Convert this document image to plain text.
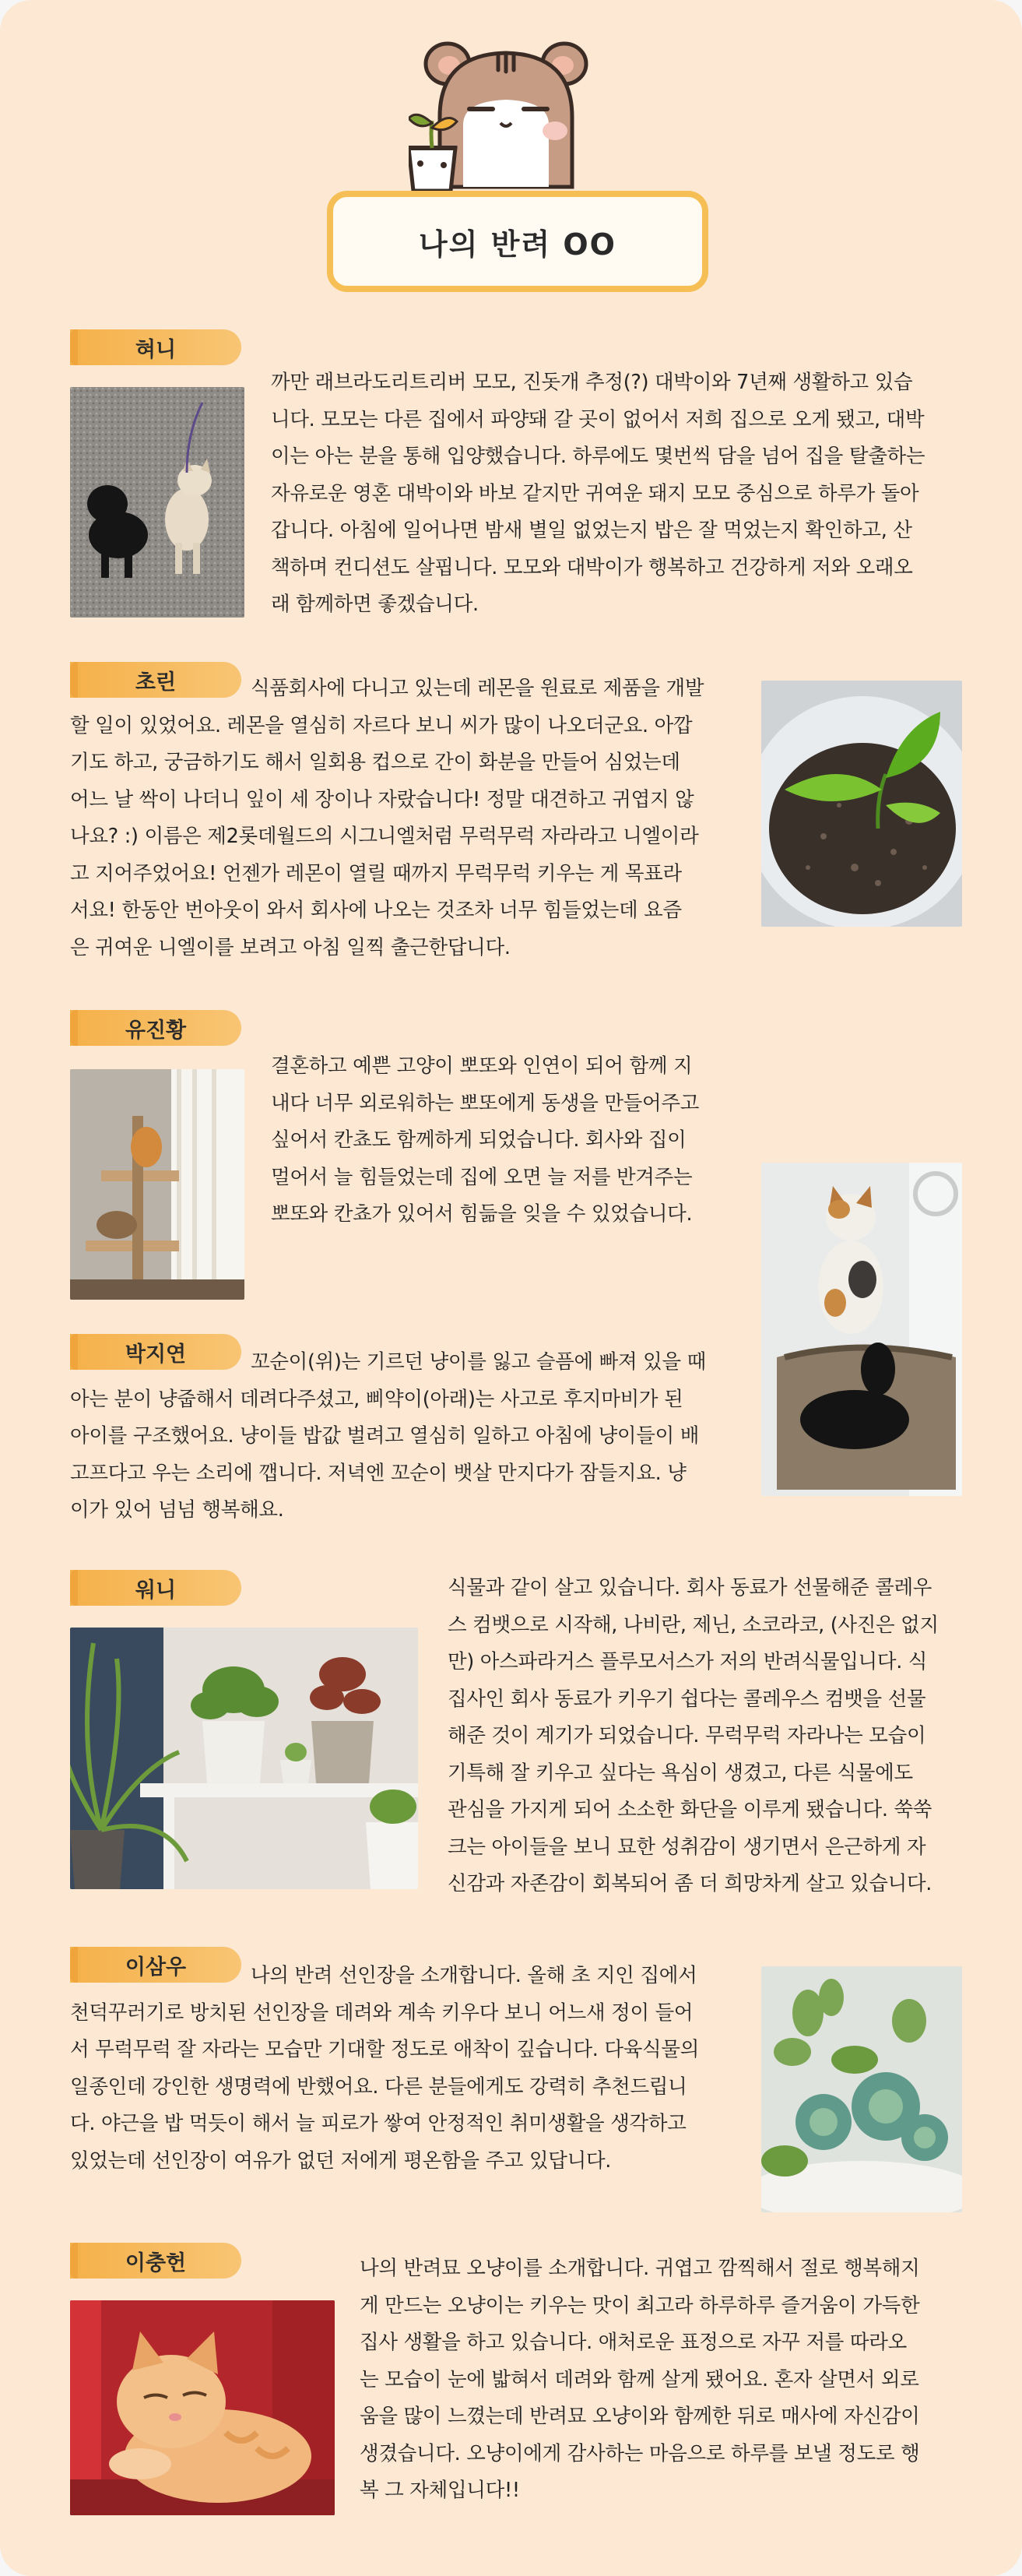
나의 반려 OO
혀니
까만 래브라도리트리버 모모, 진돗개 추정(?) 대박이와 7년째 생활하고 있습
니다. 모모는 다른 집에서 파양돼 갈 곳이 없어서 저희 집으로 오게 됐고, 대박
이는 아는 분을 통해 입양했습니다. 하루에도 몇번씩 담을 넘어 집을 탈출하는
자유로운 영혼 대박이와 바보 같지만 귀여운 돼지 모모 중심으로 하루가 돌아
갑니다. 아침에 일어나면 밤새 별일 없었는지 밥은 잘 먹었는지 확인하고, 산
책하며 컨디션도 살핍니다. 모모와 대박이가 행복하고 건강하게 저와 오래오
래 함께하면 좋겠습니다.
초린	식품회사에 다니고 있는데 레몬을 원료로 제품을 개발
할 일이 있었어요. 레몬을 열심히 자르다 보니 씨가 많이 나오더군요. 아깝
기도 하고, 궁금하기도 해서 일회용 컵으로 간이 화분을 만들어 심었는데
어느 날 싹이 나더니 잎이 세 장이나 자랐습니다! 정말 대견하고 귀엽지 않
나요? :) 이름은 제2롯데월드의 시그니엘처럼 무럭무럭 자라라고 니엘이라
고 지어주었어요! 언젠가 레몬이 열릴 때까지 무럭무럭 키우는 게 목표라
서요! 한동안 번아웃이 와서 회사에 나오는 것조차 너무 힘들었는데 요즘
은 귀여운 니엘이를 보려고 아침 일찍 출근한답니다.
유진황
결혼하고 예쁜 고양이 뽀또와 인연이 되어 함께 지
내다 너무 외로워하는 뽀또에게 동생을 만들어주고
싶어서 칸쵸도 함께하게 되었습니다. 회사와 집이
멀어서 늘 힘들었는데 집에 오면 늘 저를 반겨주는
뽀또와 칸쵸가 있어서 힘듦을 잊을 수 있었습니다.
박지연	꼬순이(위)는 기르던 냥이를 잃고 슬픔에 빠져 있을 때
아는 분이 냥줍해서 데려다주셨고, 삐약이(아래)는 사고로 후지마비가 된
아이를 구조했어요. 냥이들 밥값 벌려고 열심히 일하고 아침에 냥이들이 배
고프다고 우는 소리에 깹니다. 저녁엔 꼬순이 뱃살 만지다가 잠들지요. 냥
이가 있어 넘넘 행복해요.
워니	식물과 같이 살고 있습니다. 회사 동료가 선물해준 콜레우
스 컴뱃으로 시작해, 나비란, 제닌, 소코라코, (사진은 없지
만) 아스파라거스 플루모서스가 저의 반려식물입니다. 식
집사인 회사 동료가 키우기 쉽다는 콜레우스 컴뱃을 선물
해준 것이 계기가 되었습니다. 무럭무럭 자라나는 모습이
기특해 잘 키우고 싶다는 욕심이 생겼고, 다른 식물에도
관심을 가지게 되어 소소한 화단을 이루게 됐습니다. 쑥쑥
크는 아이들을 보니 묘한 성취감이 생기면서 은근하게 자
신감과 자존감이 회복되어 좀 더 희망차게 살고 있습니다.
이삼우	나의 반려 선인장을 소개합니다. 올해 초 지인 집에서
천덕꾸러기로 방치된 선인장을 데려와 계속 키우다 보니 어느새 정이 들어
서 무럭무럭 잘 자라는 모습만 기대할 정도로 애착이 깊습니다. 다육식물의
일종인데 강인한 생명력에 반했어요. 다른 분들에게도 강력히 추천드립니
다. 야근을 밥 먹듯이 해서 늘 피로가 쌓여 안정적인 취미생활을 생각하고
있었는데 선인장이 여유가 없던 저에게 평온함을 주고 있답니다.
이충헌	나의 반려묘 오냥이를 소개합니다. 귀엽고 깜찍해서 절로 행복해지
게 만드는 오냥이는 키우는 맛이 최고라 하루하루 즐거움이 가득한
집사 생활을 하고 있습니다. 애처로운 표정으로 자꾸 저를 따라오
는 모습이 눈에 밟혀서 데려와 함께 살게 됐어요. 혼자 살면서 외로
움을 많이 느꼈는데 반려묘 오냥이와 함께한 뒤로 매사에 자신감이
생겼습니다. 오냥이에게 감사하는 마음으로 하루를 보낼 정도로 행
복 그 자체입니다!!
